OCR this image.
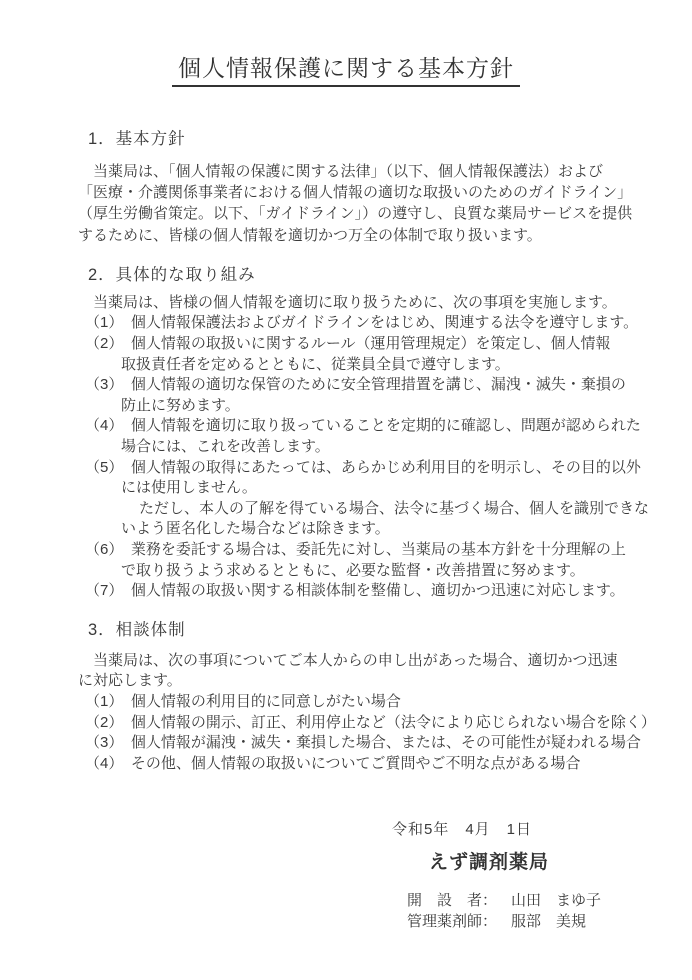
個人情報保護に関する基本方針
1．基本方針
　当薬局は、「個人情報の保護に関する法律」（以下、個人情報保護法）および
「医療・介護関係事業者における個人情報の適切な取扱いのためのガイドライン」
（厚生労働省策定。以下、「ガイドライン」）の遵守し、良質な薬局サービスを提供
するために、皆様の個人情報を適切かつ万全の体制で取り扱います。
2．具体的な取り組み
　当薬局は、皆様の個人情報を適切に取り扱うために、次の事項を実施します。
（1）　個人情報保護法およびガイドラインをはじめ、関連する法令を遵守します。
（2）　個人情報の取扱いに関するルール（運用管理規定）を策定し、個人情報
取扱責任者を定めるとともに、従業員全員で遵守します。
（3）　個人情報の適切な保管のために安全管理措置を講じ、漏洩・滅失・棄損の
防止に努めます。
（4）　個人情報を適切に取り扱っていることを定期的に確認し、問題が認められた
場合には、これを改善します。
（5）　個人情報の取得にあたっては、あらかじめ利用目的を明示し、その目的以外
には使用しません。
ただし、本人の了解を得ている場合、法令に基づく場合、個人を識別できな
いよう匿名化した場合などは除きます。
（6）　業務を委託する場合は、委託先に対し、当薬局の基本方針を十分理解の上
で取り扱うよう求めるとともに、必要な監督・改善措置に努めます。
（7）　個人情報の取扱い関する相談体制を整備し、適切かつ迅速に対応します。
3．相談体制
　当薬局は、次の事項についてご本人からの申し出があった場合、適切かつ迅速
に対応します。
（1）　個人情報の利用目的に同意しがたい場合
（2）　個人情報の開示、訂正、利用停止など（法令により応じられない場合を除く）
（3）　個人情報が漏洩・滅失・棄損した場合、または、その可能性が疑われる場合
（4）　その他、個人情報の取扱いについてご質問やご不明な点がある場合
令和5年　4月　1日
えず調剤薬局
開　設　者： 山田　まゆ子
管理薬剤師： 服部　美規
